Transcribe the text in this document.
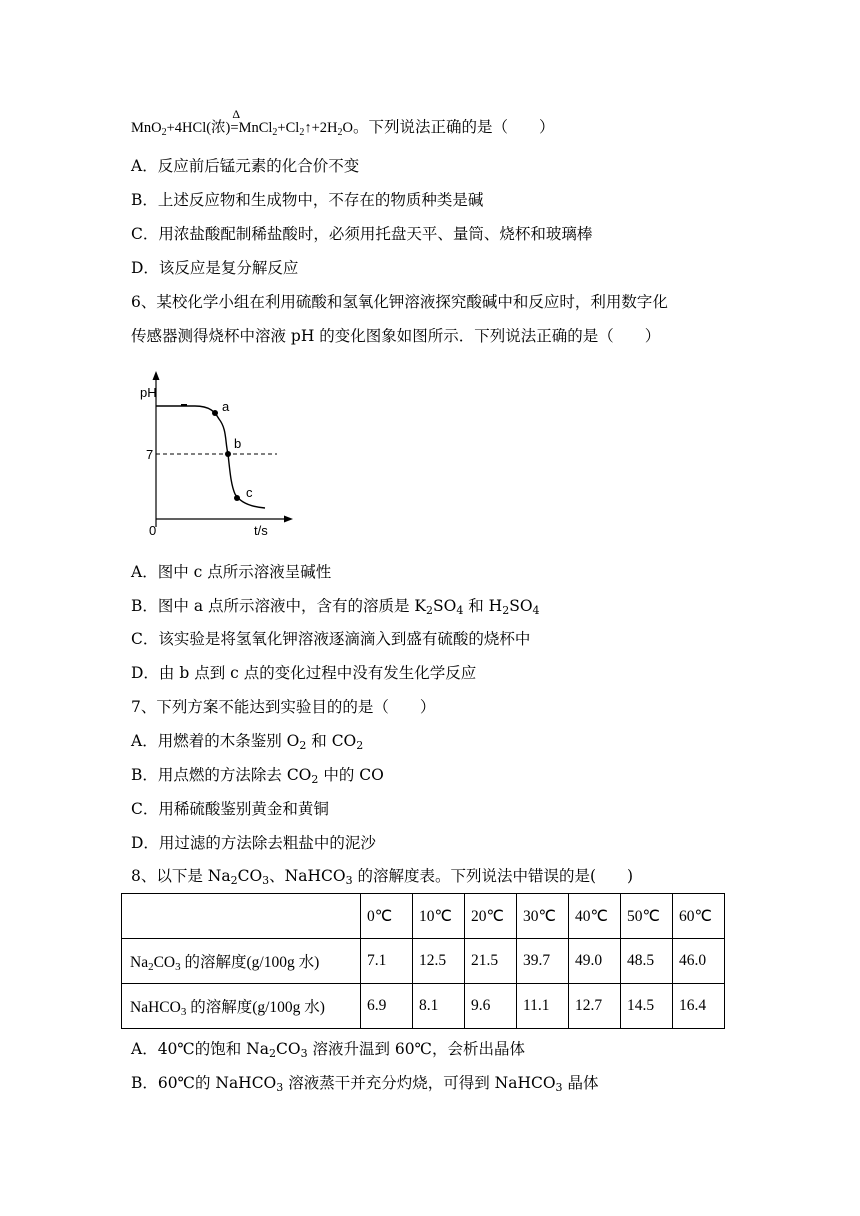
MnO$_2$+4HCl(浓)
Δ
$=MnCl_2+Cl_2↑+2H_2O$。下列说法正确的是（　　）
A．反应前后锰元素的化合价不变
B．上述反应物和生成物中，不存在的物质种类是碱
C．用浓盐酸配制稀盐酸时，必须用托盘天平、量筒、烧杯和玻璃棒
D．该反应是复分解反应
6、某校化学小组在利用硫酸和氢氧化钾溶液探究酸碱中和反应时，利用数字化
传感器测得烧杯中溶液 pH 的变化图象如图所示．下列说法正确的是（　　）
pH
7
0	t/s
a
b
c
A．图中 c 点所示溶液呈碱性
B．图中 a 点所示溶液中，含有的溶质是 $K_2SO_4$ 和 $H_2SO_4$
C．该实验是将氢氧化钾溶液逐滴滴入到盛有硫酸的烧杯中
D．由 b 点到 c 点的变化过程中没有发生化学反应
7、下列方案不能达到实验目的的是（　　）
A．用燃着的木条鉴别 $O_2$ 和 $CO_2$
B．用点燃的方法除去 $CO_2$ 中的 CO
C．用稀硫酸鉴别黄金和黄铜
D．用过滤的方法除去粗盐中的泥沙
8、以下是 $Na_2CO_3$、NaHCO$_3$ 的溶解度表。下列说法中错误的是(　　)
	0℃	10℃	20℃	30℃	40℃	50℃	60℃
$Na_2CO_3$ 的溶解度(g/100g 水)	7.1	12.5	21.5	39.7	49.0	48.5	46.0
NaHCO$_3$ 的溶解度(g/100g 水)	6.9	8.1	9.6	11.1	12.7	14.5	16.4
A．40℃的饱和 $Na_2CO_3$ 溶液升温到 60℃，会析出晶体
B．60℃的 NaHCO$_3$ 溶液蒸干并充分灼烧，可得到 NaHCO$_3$ 晶体
